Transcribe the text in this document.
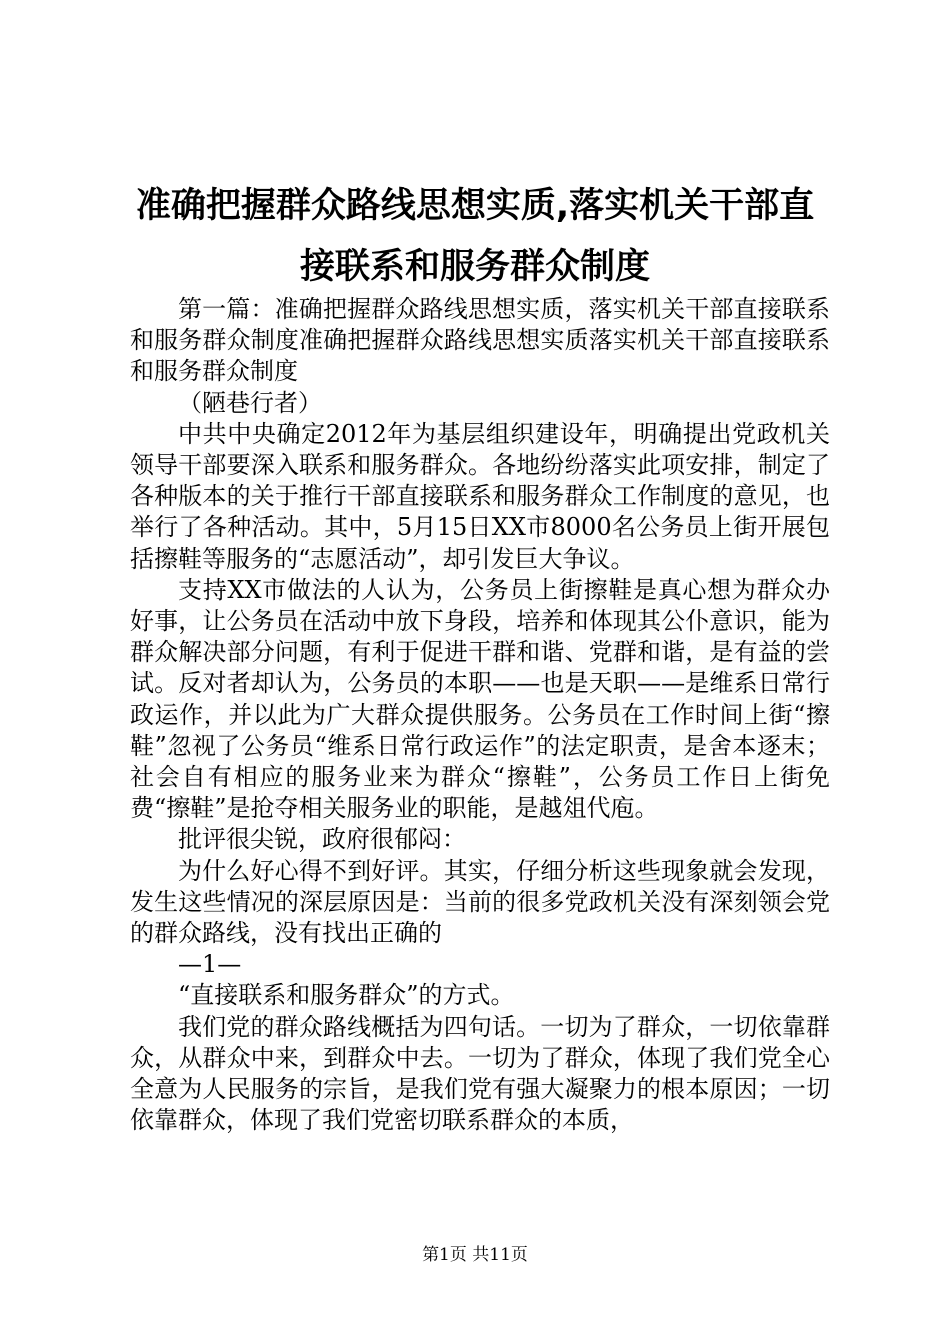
准确把握群众路线思想实质,落实机关干部直接联系和服务群众制度

第一篇：准确把握群众路线思想实质，落实机关干部直接联系和服务群众制度准确把握群众路线思想实质落实机关干部直接联系和服务群众制度

（陋巷行者）

中共中央确定2012年为基层组织建设年，明确提出党政机关领导干部要深入联系和服务群众。各地纷纷落实此项安排，制定了各种版本的关于推行干部直接联系和服务群众工作制度的意见，也举行了各种活动。其中，5月15日XX市8000名公务员上街开展包括擦鞋等服务的“志愿活动”，却引发巨大争议。

支持XX市做法的人认为，公务员上街擦鞋是真心想为群众办好事，让公务员在活动中放下身段，培养和体现其公仆意识，能为群众解决部分问题，有利于促进干群和谐、党群和谐，是有益的尝试。反对者却认为，公务员的本职——也是天职——是维系日常行政运作，并以此为广大群众提供服务。公务员在工作时间上街“擦鞋”忽视了公务员“维系日常行政运作”的法定职责，是舍本逐末；社会自有相应的服务业来为群众“擦鞋”，公务员工作日上街免费“擦鞋”是抢夺相关服务业的职能，是越俎代庖。

批评很尖锐，政府很郁闷：

为什么好心得不到好评。其实，仔细分析这些现象就会发现，发生这些情况的深层原因是：当前的很多党政机关没有深刻领会党的群众路线，没有找出正确的

—1—

“直接联系和服务群众”的方式。

我们党的群众路线概括为四句话。一切为了群众，一切依靠群众，从群众中来，到群众中去。一切为了群众，体现了我们党全心全意为人民服务的宗旨，是我们党有强大凝聚力的根本原因；一切依靠群众，体现了我们党密切联系群众的本质，

第1页 共11页
